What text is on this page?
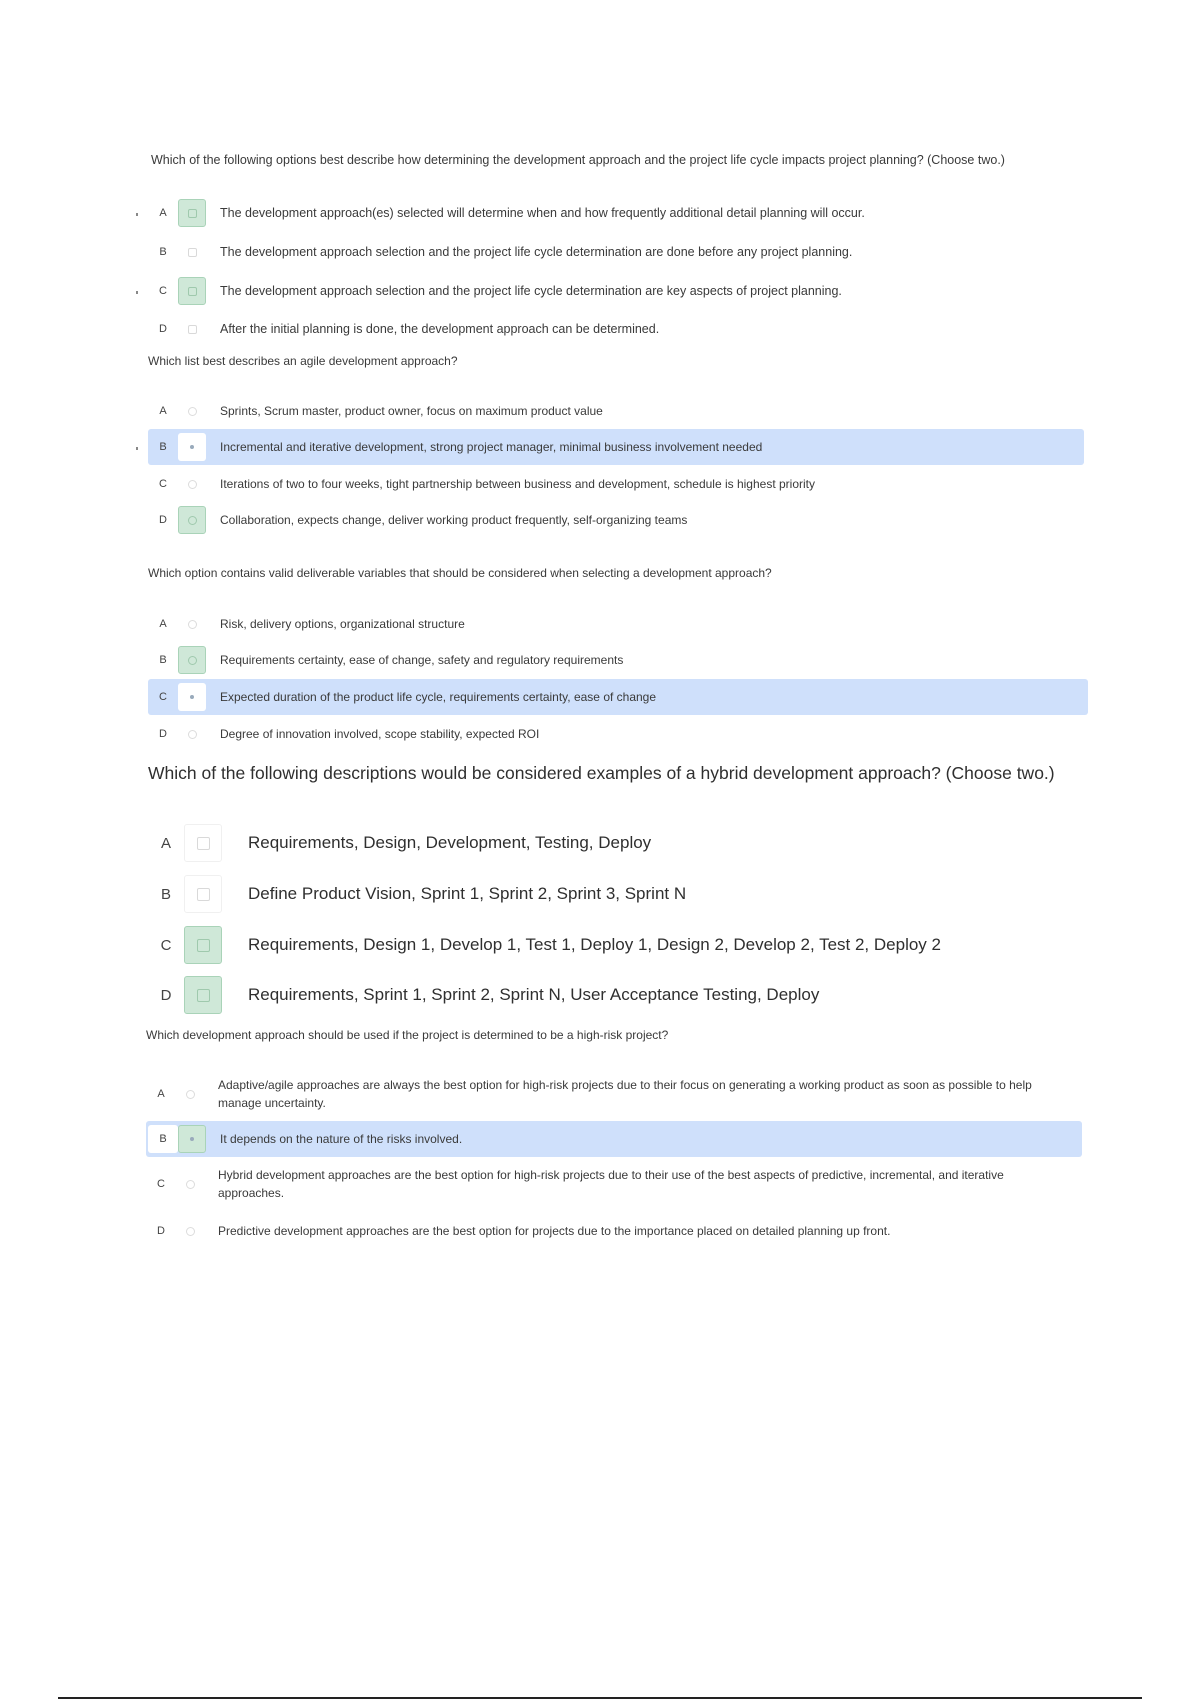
Which of the following options best describe how determining the development approach and the project life cycle impacts project planning? (Choose two.)
A	The development approach(es) selected will determine when and how frequently additional detail planning will occur.
B	The development approach selection and the project life cycle determination are done before any project planning.
C	The development approach selection and the project life cycle determination are key aspects of project planning.
D	After the initial planning is done, the development approach can be determined.
Which list best describes an agile development approach?
A	Sprints, Scrum master, product owner, focus on maximum product value
B	Incremental and iterative development, strong project manager, minimal business involvement needed
C	Iterations of two to four weeks, tight partnership between business and development, schedule is highest priority
D	Collaboration, expects change, deliver working product frequently, self-organizing teams
Which option contains valid deliverable variables that should be considered when selecting a development approach?
A	Risk, delivery options, organizational structure
B	Requirements certainty, ease of change, safety and regulatory requirements
C	Expected duration of the product life cycle, requirements certainty, ease of change
D	Degree of innovation involved, scope stability, expected ROI
Which of the following descriptions would be considered examples of a hybrid development approach? (Choose two.)
A	Requirements, Design, Development, Testing, Deploy
B	Define Product Vision, Sprint 1, Sprint 2, Sprint 3, Sprint N
C	Requirements, Design 1, Develop 1, Test 1, Deploy 1, Design 2, Develop 2, Test 2, Deploy 2
D	Requirements, Sprint 1, Sprint 2, Sprint N, User Acceptance Testing, Deploy
Which development approach should be used if the project is determined to be a high-risk project?
A
Adaptive/agile approaches are always the best option for high-risk projects due to their focus on generating a working product as soon as possible to help manage uncertainty.
B	It depends on the nature of the risks involved.
C
Hybrid development approaches are the best option for high-risk projects due to their use of the best aspects of predictive, incremental, and iterative approaches.
D	Predictive development approaches are the best option for projects due to the importance placed on detailed planning up front.
